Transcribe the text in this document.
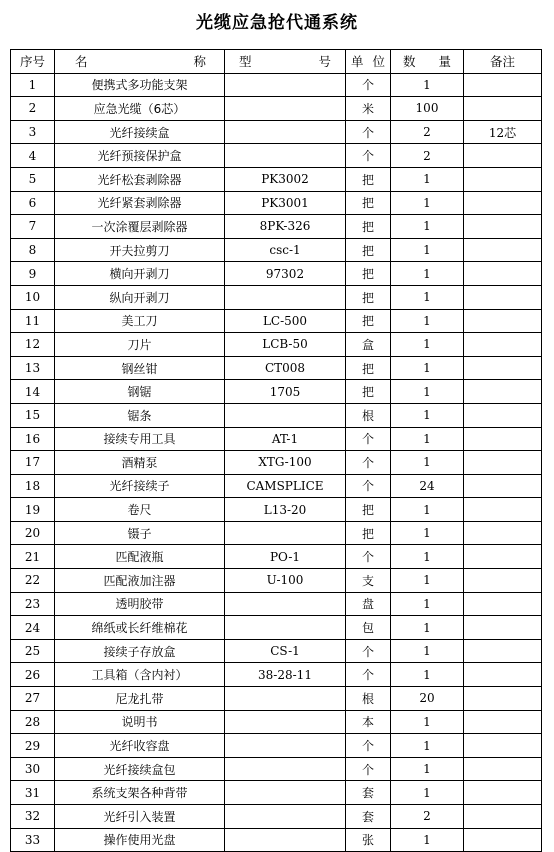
光缆应急抢代通系统
序号	名 称	型 号	单 位	数 量	备注
1	便携式多功能支架		个	1	
2	应急光缆（6芯）		米	100	
3	光纤接续盒		个	2	12芯
4	光纤预接保护盒		个	2	
5	光纤松套剥除器	PK3002	把	1	
6	光纤紧套剥除器	PK3001	把	1	
7	一次涂覆层剥除器	8PK-326	把	1	
8	开夫拉剪刀	csc-1	把	1	
9	横向开剥刀	97302	把	1	
10	纵向开剥刀		把	1	
11	美工刀	LC-500	把	1	
12	刀片	LCB-50	盒	1	
13	钢丝钳	CT008	把	1	
14	钢锯	1705	把	1	
15	锯条		根	1	
16	接续专用工具	AT-1	个	1	
17	酒精泵	XTG-100	个	1	
18	光纤接续子	CAMSPLICE	个	24	
19	卷尺	L13-20	把	1	
20	镊子		把	1	
21	匹配液瓶	PO-1	个	1	
22	匹配液加注器	U-100	支	1	
23	透明胶带		盘	1	
24	绵纸或长纤维棉花		包	1	
25	接续子存放盒	CS-1	个	1	
26	工具箱（含内衬）	38-28-11	个	1	
27	尼龙扎带		根	20	
28	说明书		本	1	
29	光纤收容盘		个	1	
30	光纤接续盒包		个	1	
31	系统支架各种背带		套	1	
32	光纤引入装置		套	2	
33	操作使用光盘		张	1	
